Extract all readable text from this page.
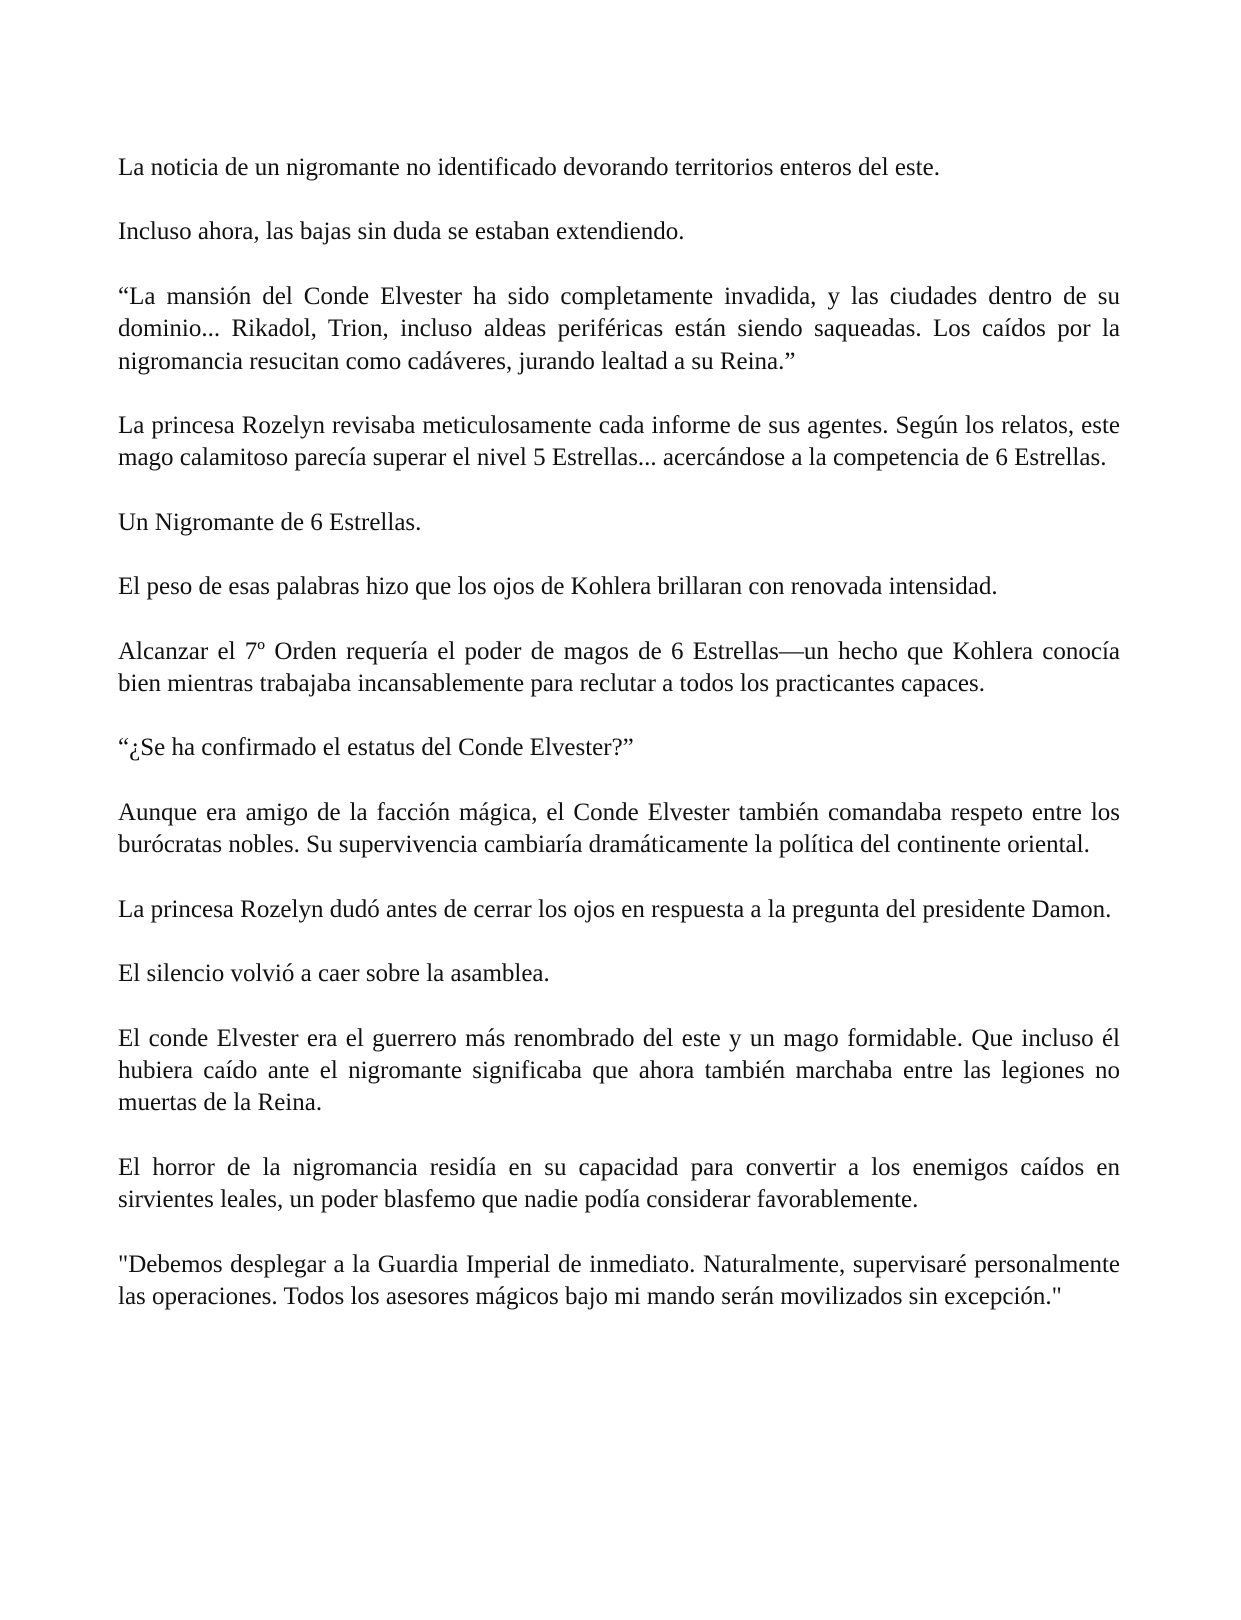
La noticia de un nigromante no identificado devorando territorios enteros del este.

Incluso ahora, las bajas sin duda se estaban extendiendo.

“La mansión del Conde Elvester ha sido completamente invadida, y las ciudades dentro de su dominio... Rikadol, Trion, incluso aldeas periféricas están siendo saqueadas. Los caídos por la nigromancia resucitan como cadáveres, jurando lealtad a su Reina.”

La princesa Rozelyn revisaba meticulosamente cada informe de sus agentes. Según los relatos, este mago calamitoso parecía superar el nivel 5 Estrellas... acercándose a la competencia de 6 Estrellas.

Un Nigromante de 6 Estrellas.

El peso de esas palabras hizo que los ojos de Kohlera brillaran con renovada intensidad.

Alcanzar el 7º Orden requería el poder de magos de 6 Estrellas—un hecho que Kohlera conocía bien mientras trabajaba incansablemente para reclutar a todos los practicantes capaces.

“¿Se ha confirmado el estatus del Conde Elvester?”

Aunque era amigo de la facción mágica, el Conde Elvester también comandaba respeto entre los burócratas nobles. Su supervivencia cambiaría dramáticamente la política del continente oriental.

La princesa Rozelyn dudó antes de cerrar los ojos en respuesta a la pregunta del presidente Damon.

El silencio volvió a caer sobre la asamblea.

El conde Elvester era el guerrero más renombrado del este y un mago formidable. Que incluso él hubiera caído ante el nigromante significaba que ahora también marchaba entre las legiones no muertas de la Reina.

El horror de la nigromancia residía en su capacidad para convertir a los enemigos caídos en sirvientes leales, un poder blasfemo que nadie podía considerar favorablemente.

"Debemos desplegar a la Guardia Imperial de inmediato. Naturalmente, supervisaré personalmente las operaciones. Todos los asesores mágicos bajo mi mando serán movilizados sin excepción."
